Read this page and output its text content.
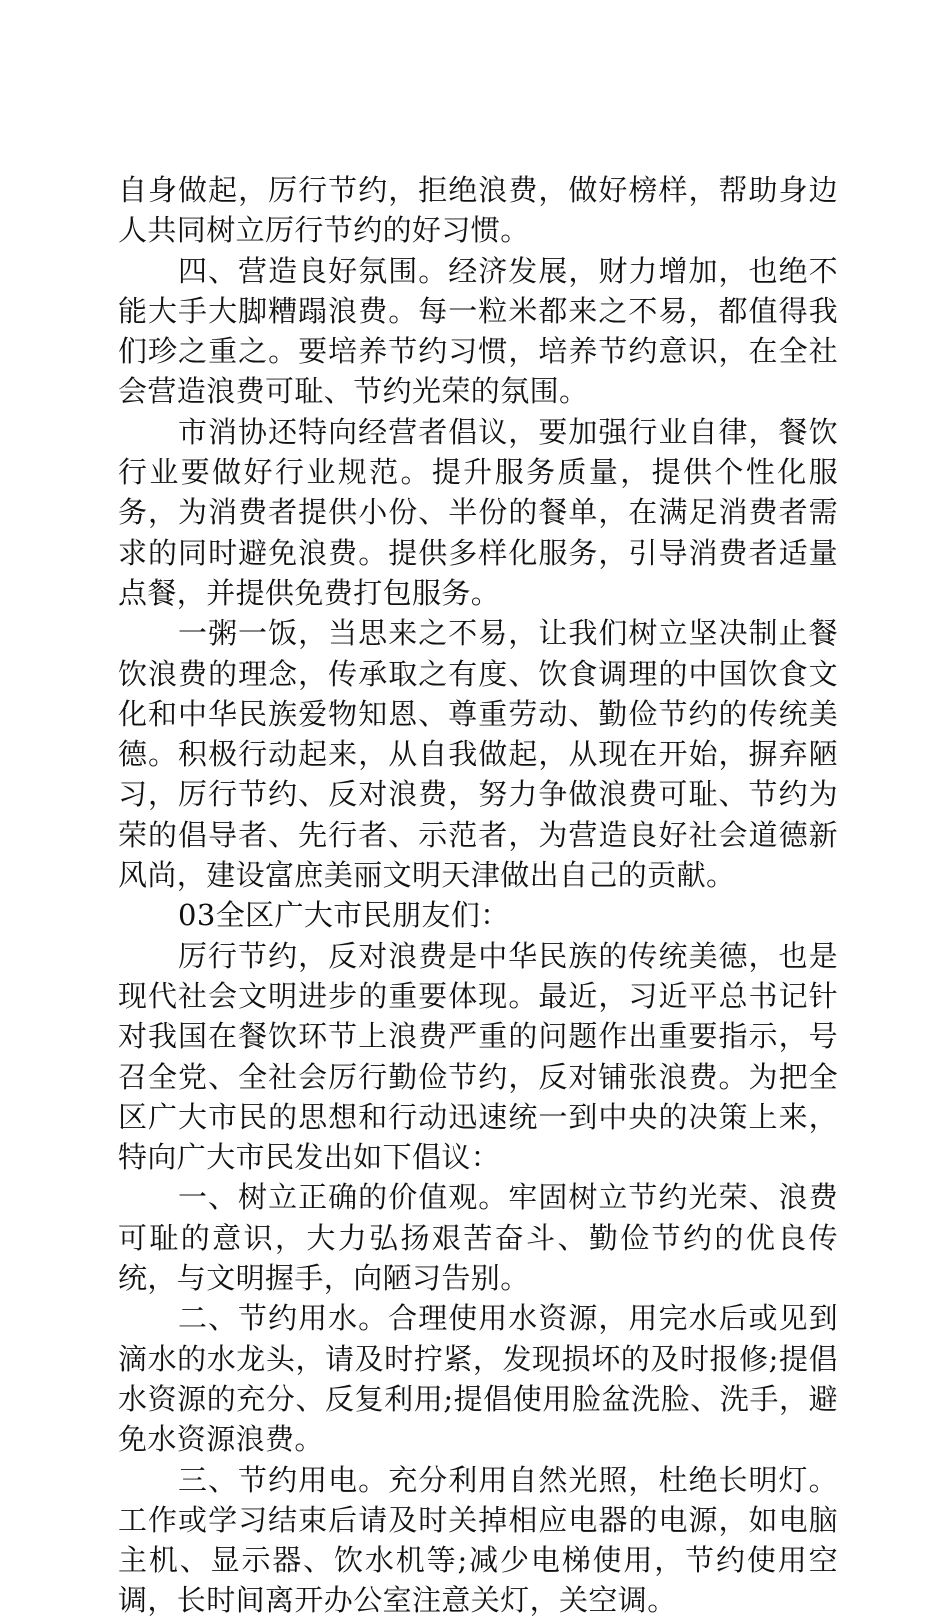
自身做起，厉行节约，拒绝浪费，做好榜样，帮助身边人共同树立厉行节约的好习惯。

四、营造良好氛围。经济发展，财力增加，也绝不能大手大脚糟蹋浪费。每一粒米都来之不易，都值得我们珍之重之。要培养节约习惯，培养节约意识，在全社会营造浪费可耻、节约光荣的氛围。

市消协还特向经营者倡议，要加强行业自律，餐饮行业要做好行业规范。提升服务质量，提供个性化服务，为消费者提供小份、半份的餐单，在满足消费者需求的同时避免浪费。提供多样化服务，引导消费者适量点餐，并提供免费打包服务。

一粥一饭，当思来之不易，让我们树立坚决制止餐饮浪费的理念，传承取之有度、饮食调理的中国饮食文化和中华民族爱物知恩、尊重劳动、勤俭节约的传统美德。积极行动起来，从自我做起，从现在开始，摒弃陋习，厉行节约、反对浪费，努力争做浪费可耻、节约为荣的倡导者、先行者、示范者，为营造良好社会道德新风尚，建设富庶美丽文明天津做出自己的贡献。

03全区广大市民朋友们：

厉行节约，反对浪费是中华民族的传统美德，也是现代社会文明进步的重要体现。最近，习近平总书记针对我国在餐饮环节上浪费严重的问题作出重要指示，号召全党、全社会厉行勤俭节约，反对铺张浪费。为把全区广大市民的思想和行动迅速统一到中央的决策上来，特向广大市民发出如下倡议：

一、树立正确的价值观。牢固树立节约光荣、浪费可耻的意识，大力弘扬艰苦奋斗、勤俭节约的优良传统，与文明握手，向陋习告别。

二、节约用水。合理使用水资源，用完水后或见到滴水的水龙头，请及时拧紧，发现损坏的及时报修;提倡水资源的充分、反复利用;提倡使用脸盆洗脸、洗手，避免水资源浪费。

三、节约用电。充分利用自然光照，杜绝长明灯。工作或学习结束后请及时关掉相应电器的电源，如电脑主机、显示器、饮水机等;减少电梯使用，节约使用空调，长时间离开办公室注意关灯，关空调。
